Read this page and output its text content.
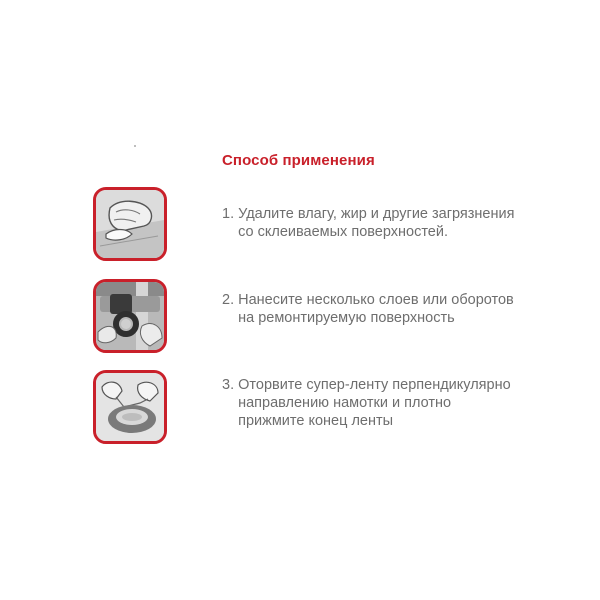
Способ применения
1. Удалите влагу, жир и другие загрязнения
со склеиваемых поверхностей.
2. Нанесите несколько слоев или оборотов
на ремонтируемую поверхность
3. Оторвите супер-ленту перпендикулярно
направлению намотки и плотно
прижмите конец ленты
